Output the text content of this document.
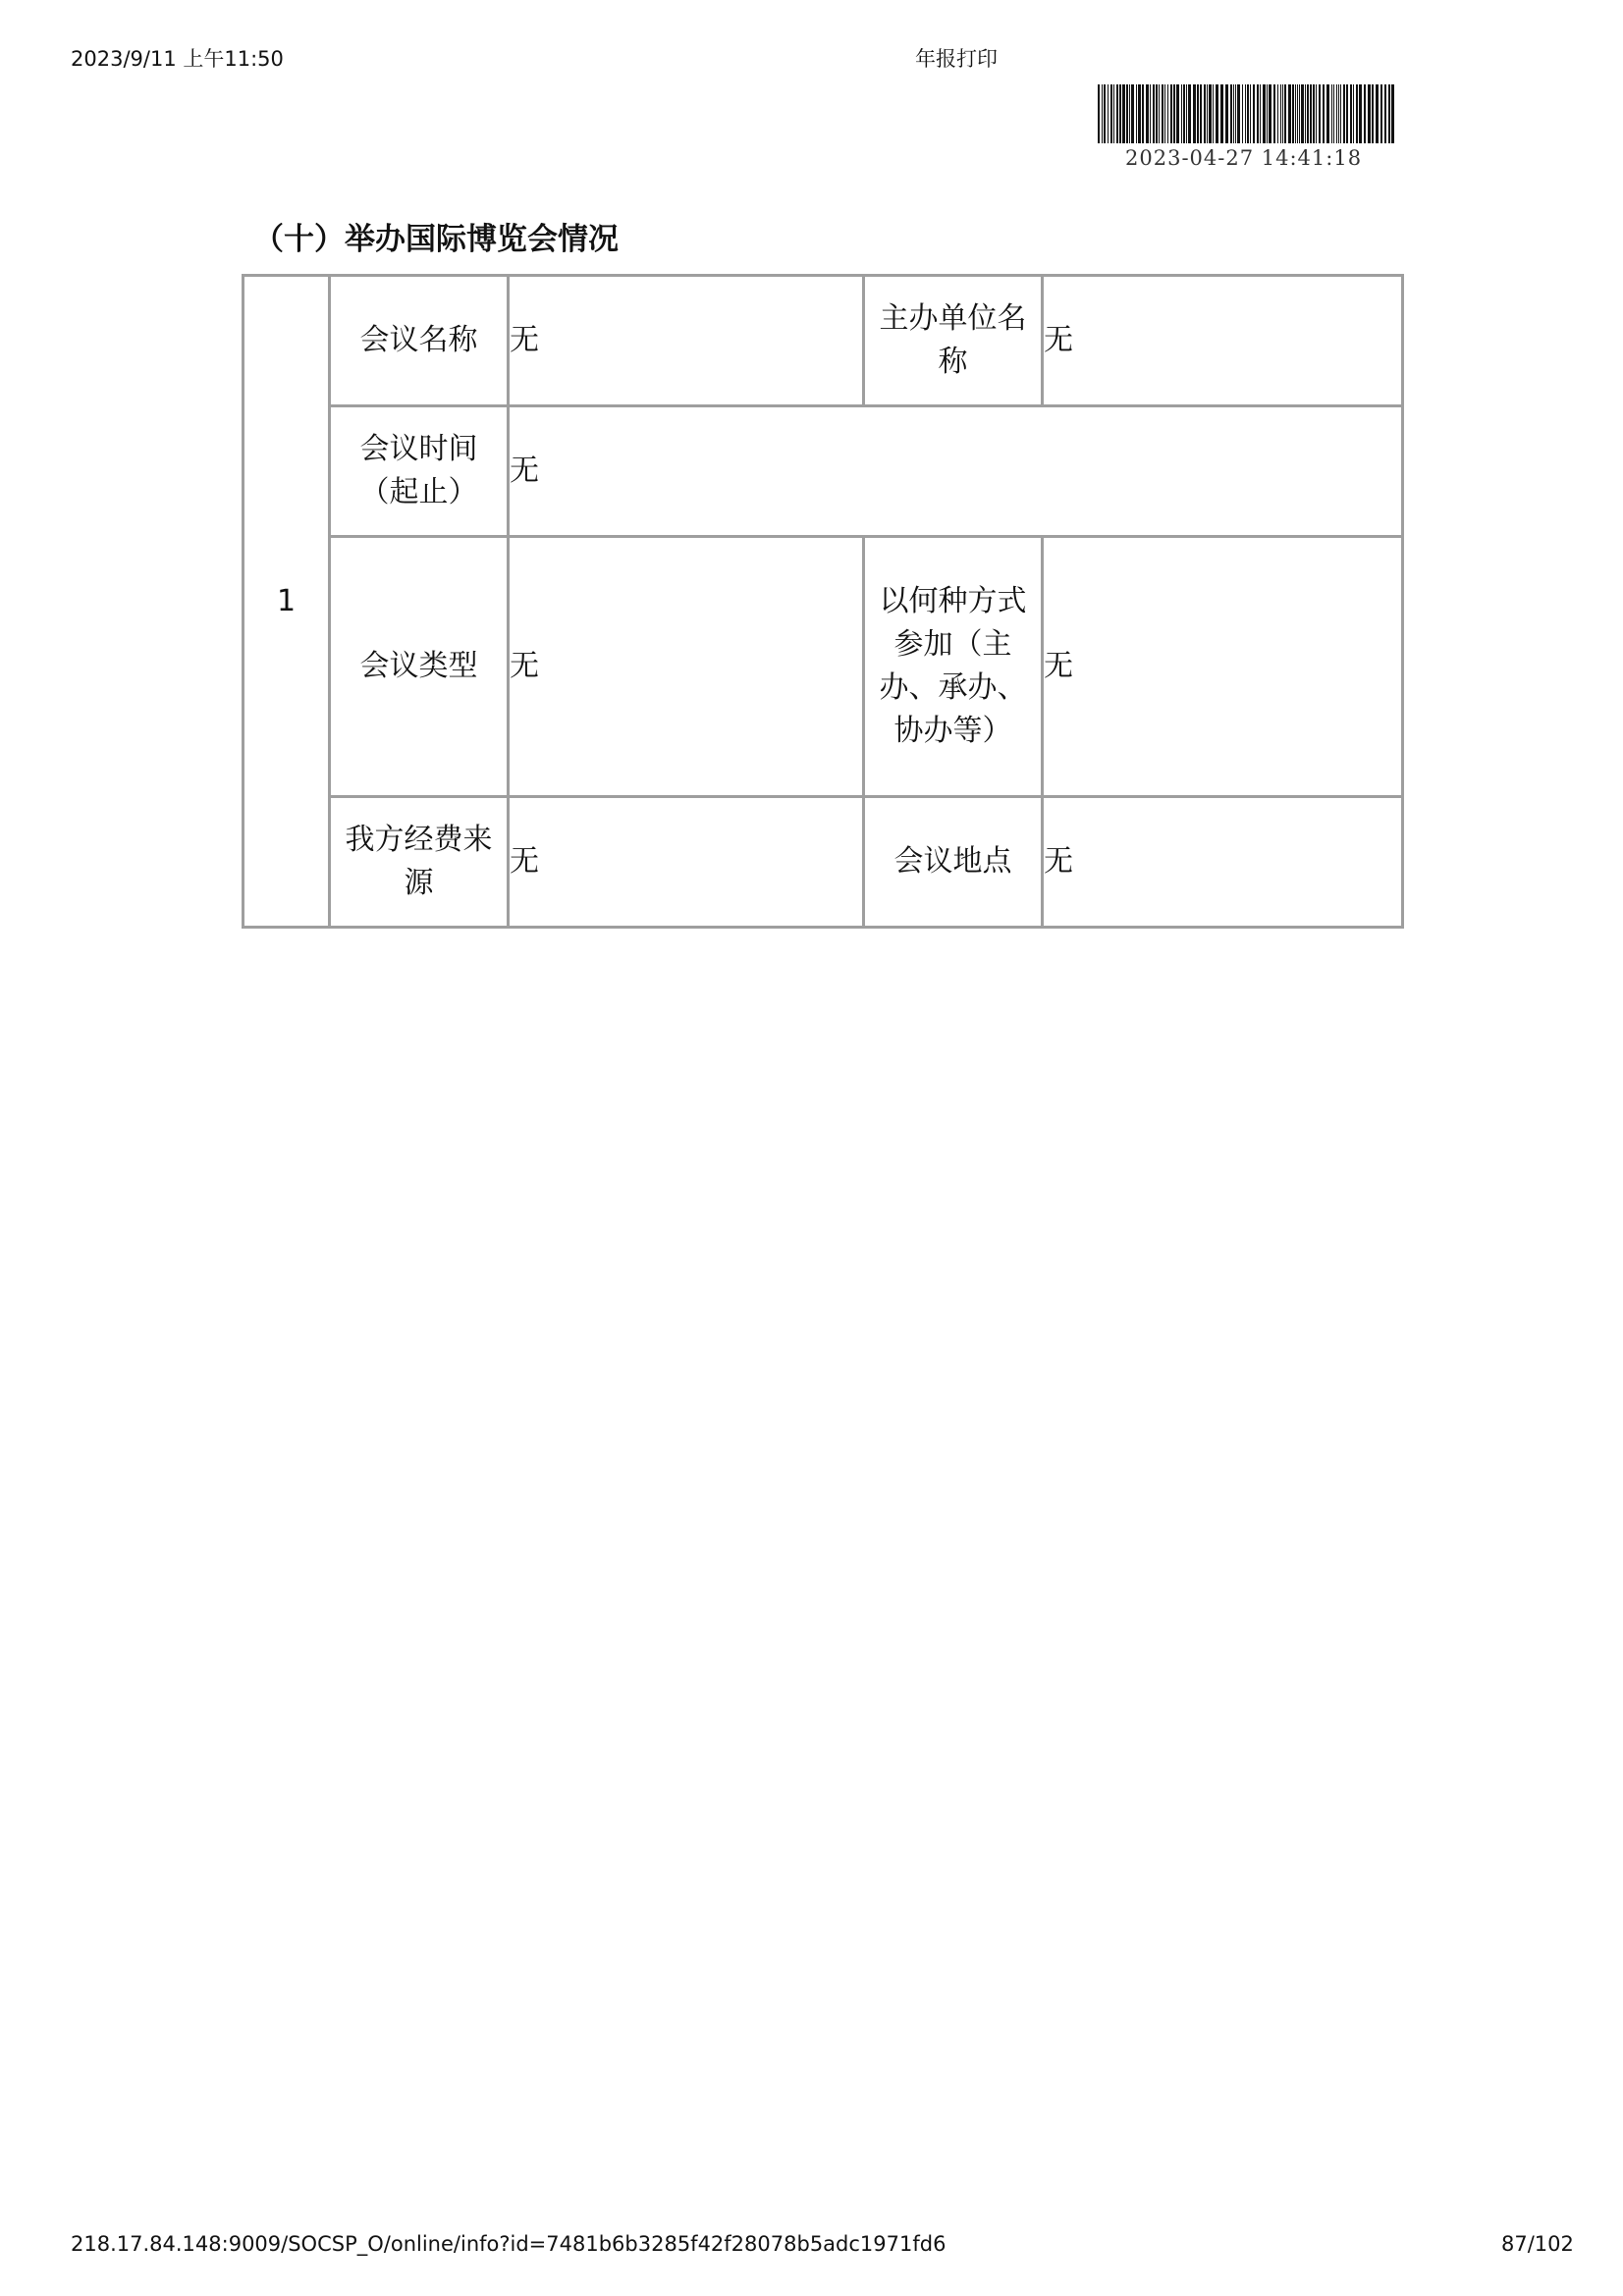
2023/9/11 上午11:50	年报打印
2023-04-27 14:41:18
（十）举办国际博览会情况
1	会议名称	无	主办单位名称	无
	会议时间（起止）	无		
	会议类型	无	以何种方式参加（主办、承办、协办等）	无
	我方经费来源	无	会议地点	无
218.17.84.148:9009/SOCSP_O/online/info?id=7481b6b3285f42f28078b5adc1971fd6	87/102
